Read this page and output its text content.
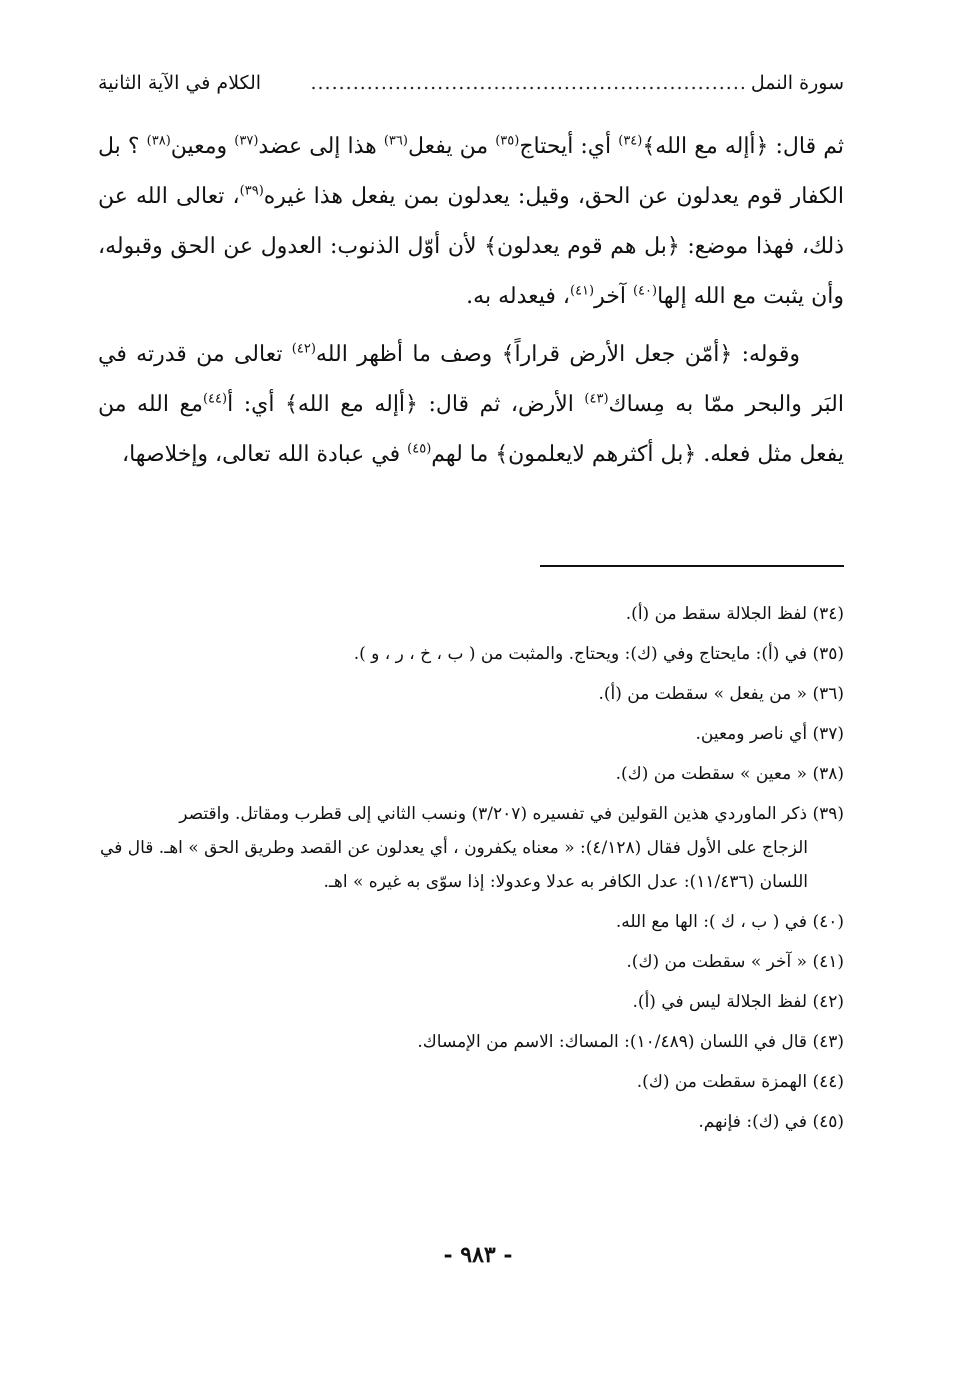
سورة النمل
..............................................................
الكلام في الآية الثانية

ثم قال: ﴿أإله مع الله﴾$^{(٣٤)}$ أي: أيحتاج$^{(٣٥)}$ من يفعل$^{(٣٦)}$ هذا إلى عضد$^{(٣٧)}$ ومعين$^{(٣٨)}$ ؟ بل الكفار قوم يعدلون عن الحق، وقيل: يعدلون بمن يفعل هذا غيره$^{(٣٩)}$، تعالى الله عن ذلك، فهذا موضع: ﴿بل هم قوم يعدلون﴾ لأن أوّل الذنوب: العدول عن الحق وقبوله، وأن يثبت مع الله إلها$^{(٤٠)}$ آخر$^{(٤١)}$، فيعدله به.

وقوله: ﴿أمّن جعل الأرض قراراً﴾ وصف ما أظهر الله$^{(٤٢)}$ تعالى من قدرته في البَر والبحر ممّا به مِساك$^{(٤٣)}$ الأرض، ثم قال: ﴿أإله مع الله﴾ أي: أ$^{(٤٤)}$مع الله من يفعل مثل فعله. ﴿بل أكثرهم لايعلمون﴾ ما لهم$^{(٤٥)}$ في عبادة الله تعالى، وإخلاصها،

(٣٤) لفظ الجلالة سقط من (أ).
(٣٥) في (أ): مايحتاج وفي (ك): ويحتاج. والمثبت من ( ب ، خ ، ر ، و ).
(٣٦) « من يفعل » سقطت من (أ).
(٣٧) أي ناصر ومعين.
(٣٨) « معين » سقطت من (ك).
(٣٩) ذكر الماوردي هذين القولين في تفسيره (٣/٢٠٧) ونسب الثاني إلى قطرب ومقاتل. واقتصر
الزجاج على الأول فقال (٤/١٢٨): « معناه يكفرون ، أي يعدلون عن القصد وطريق الحق » اهـ. قال في اللسان (١١/٤٣٦): عدل الكافر به عدلا وعدولا: إذا سوّى به غيره » اهـ.
(٤٠) في ( ب ، ك ): الها مع الله.
(٤١) « آخر » سقطت من (ك).
(٤٢) لفظ الجلالة ليس في (أ).
(٤٣) قال في اللسان (١٠/٤٨٩): المساك: الاسم من الإمساك.
(٤٤) الهمزة سقطت من (ك).
(٤٥) في (ك): فإنهم.
- ٩٨٣ -
